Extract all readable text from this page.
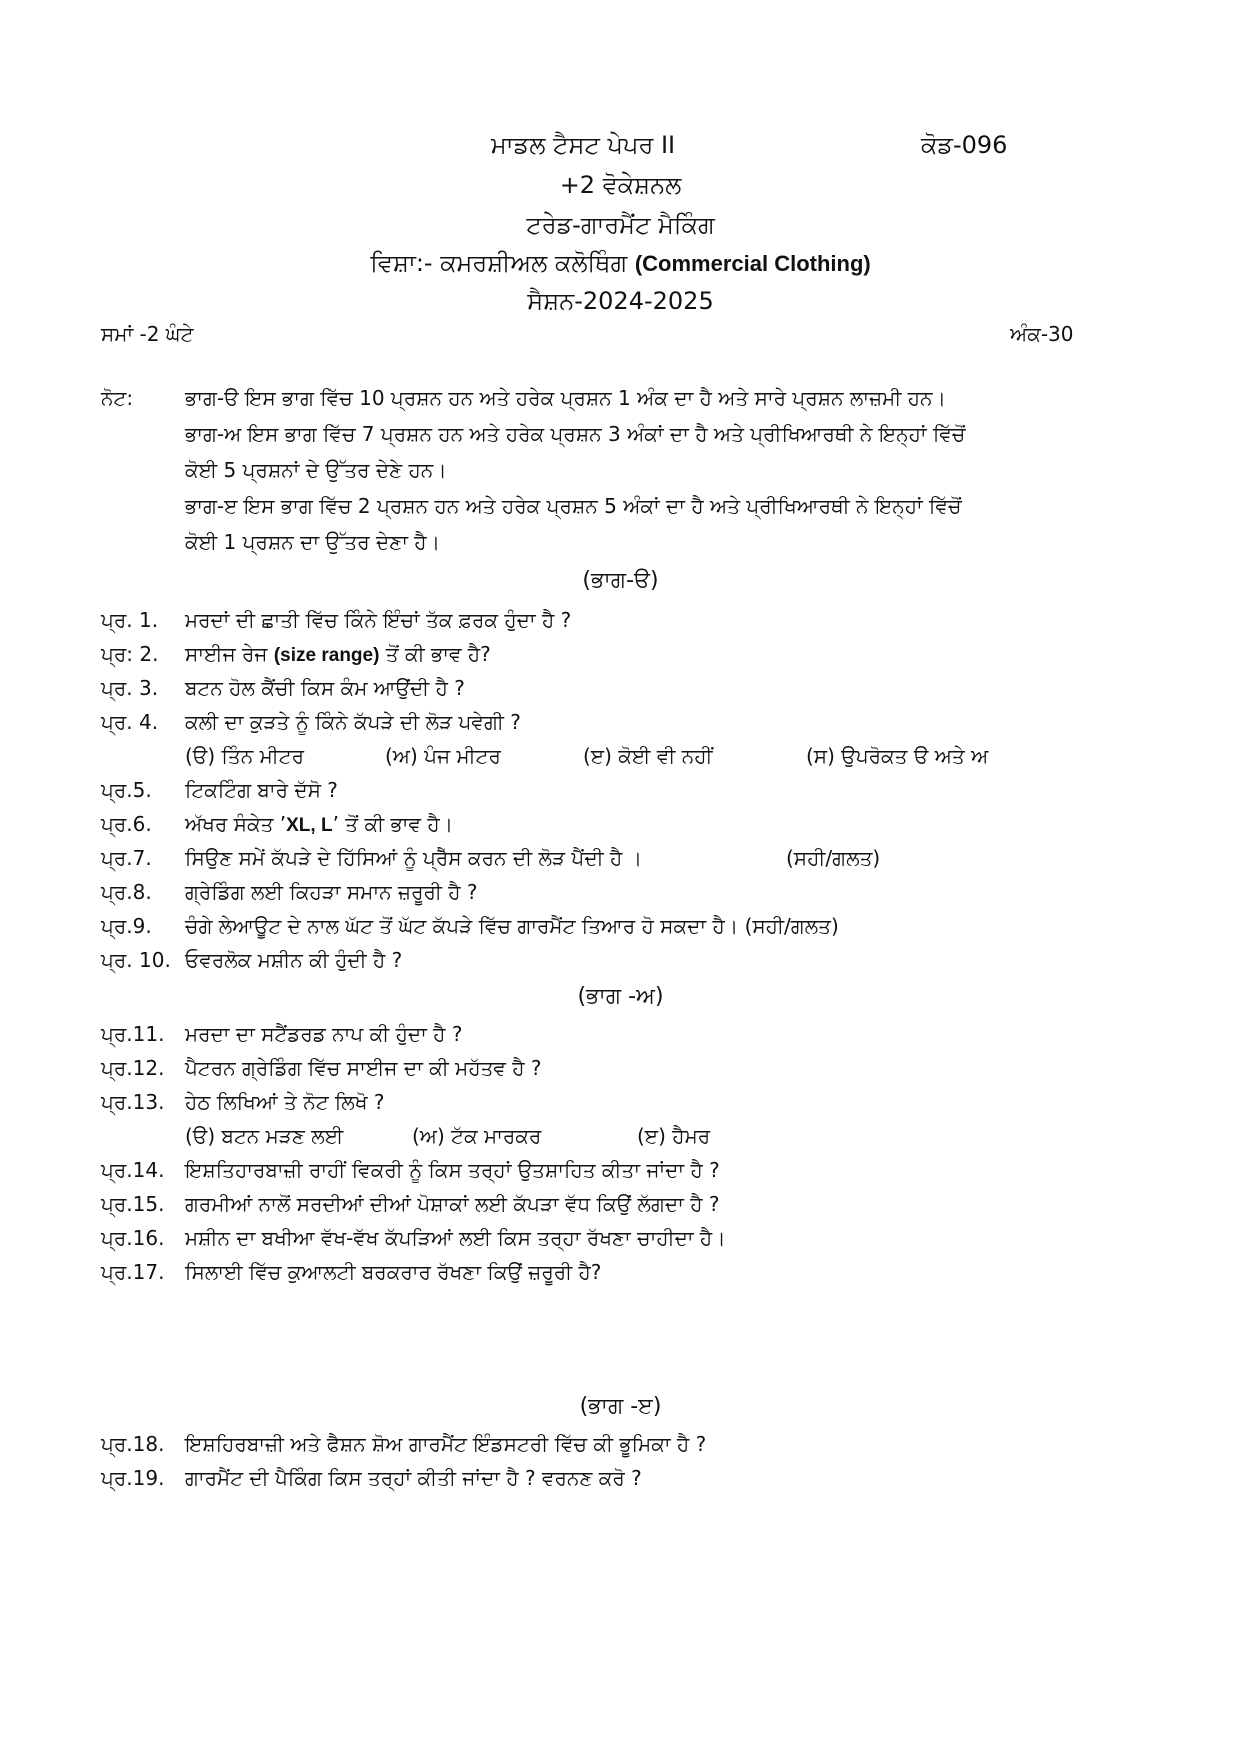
ਮਾਡਲ ਟੈਸਟ ਪੇਪਰ II	ਕੋਡ-096
+2 ਵੋਕੇਸ਼ਨਲ
ਟਰੇਡ-ਗਾਰਮੈਂਟ ਮੈਕਿੰਗ
ਵਿਸ਼ਾ:- ਕਮਰਸ਼ੀਅਲ ਕਲੋਥਿੰਗ (Commercial Clothing)
ਸੈਸ਼ਨ-2024-2025
ਸਮਾਂ -2 ਘੰਟੇ	ਅੰਕ-30
ਨੋਟ:	ਭਾਗ-ੳ ਇਸ ਭਾਗ ਵਿੱਚ 10 ਪ੍ਰਸ਼ਨ ਹਨ ਅਤੇ ਹਰੇਕ ਪ੍ਰਸ਼ਨ 1 ਅੰਕ ਦਾ ਹੈ ਅਤੇ ਸਾਰੇ ਪ੍ਰਸ਼ਨ ਲਾਜ਼ਮੀ ਹਨ।
ਭਾਗ-ਅ ਇਸ ਭਾਗ ਵਿੱਚ 7 ਪ੍ਰਸ਼ਨ ਹਨ ਅਤੇ ਹਰੇਕ ਪ੍ਰਸ਼ਨ 3 ਅੰਕਾਂ ਦਾ ਹੈ ਅਤੇ ਪ੍ਰੀਖਿਆਰਥੀ ਨੇ ਇਨ੍ਹਾਂ ਵਿੱਚੋਂ
ਕੋਈ 5 ਪ੍ਰਸ਼ਨਾਂ ਦੇ ਉੱਤਰ ਦੇਣੇ ਹਨ।
ਭਾਗ-ੲ ਇਸ ਭਾਗ ਵਿੱਚ 2 ਪ੍ਰਸ਼ਨ ਹਨ ਅਤੇ ਹਰੇਕ ਪ੍ਰਸ਼ਨ 5 ਅੰਕਾਂ ਦਾ ਹੈ ਅਤੇ ਪ੍ਰੀਖਿਆਰਥੀ ਨੇ ਇਨ੍ਹਾਂ ਵਿੱਚੋਂ
ਕੋਈ 1 ਪ੍ਰਸ਼ਨ ਦਾ ਉੱਤਰ ਦੇਣਾ ਹੈ।
(ਭਾਗ-ੳ)
ਪ੍ਰ. 1. ਮਰਦਾਂ ਦੀ ਛਾਤੀ ਵਿੱਚ ਕਿੰਨੇ ਇੰਚਾਂ ਤੱਕ ਫ਼ਰਕ ਹੁੰਦਾ ਹੈ ?
ਪ੍ਰ: 2. ਸਾਈਜ ਰੇਜ (size range) ਤੋਂ ਕੀ ਭਾਵ ਹੈ?
ਪ੍ਰ. 3. ਬਟਨ ਹੋਲ ਕੈਂਚੀ ਕਿਸ ਕੰਮ ਆਉਂਦੀ ਹੈ ?
ਪ੍ਰ. 4. ਕਲੀ ਦਾ ਕੁੜਤੇ ਨੂੰ ਕਿੰਨੇ ਕੱਪੜੇ ਦੀ ਲੋੜ ਪਵੇਗੀ ?
(ੳ) ਤਿੰਨ ਮੀਟਰ	(ਅ) ਪੰਜ ਮੀਟਰ	(ੲ) ਕੋਈ ਵੀ ਨਹੀਂ	(ਸ) ਉਪਰੋਕਤ ੳ ਅਤੇ ਅ
ਪ੍ਰ.5. ਟਿਕਟਿੰਗ ਬਾਰੇ ਦੱਸੋ ?
ਪ੍ਰ.6. ਅੱਖਰ ਸੰਕੇਤ ’XL, L’ ਤੋਂ ਕੀ ਭਾਵ ਹੈ।
ਪ੍ਰ.7. ਸਿਉਣ ਸਮੇਂ ਕੱਪੜੇ ਦੇ ਹਿੱਸਿਆਂ ਨੂੰ ਪ੍ਰੈੱਸ ਕਰਨ ਦੀ ਲੋੜ ਪੈਂਦੀ ਹੈ ।	(ਸਹੀ/ਗਲਤ)
ਪ੍ਰ.8. ਗ੍ਰੇਡਿੰਗ ਲਈ ਕਿਹੜਾ ਸਮਾਨ ਜ਼ਰੂਰੀ ਹੈ ?
ਪ੍ਰ.9. ਚੰਗੇ ਲੇਆਊਟ ਦੇ ਨਾਲ ਘੱਟ ਤੋਂ ਘੱਟ ਕੱਪੜੇ ਵਿੱਚ ਗਾਰਮੈਂਟ ਤਿਆਰ ਹੋ ਸਕਦਾ ਹੈ। (ਸਹੀ/ਗਲਤ)
ਪ੍ਰ. 10. ਓਵਰਲੋਕ ਮਸ਼ੀਨ ਕੀ ਹੁੰਦੀ ਹੈ ?
(ਭਾਗ -ਅ)
ਪ੍ਰ.11. ਮਰਦਾ ਦਾ ਸਟੈਂਡਰਡ ਨਾਪ ਕੀ ਹੁੰਦਾ ਹੈ ?
ਪ੍ਰ.12. ਪੈਟਰਨ ਗ੍ਰੇਡਿੰਗ ਵਿੱਚ ਸਾਈਜ ਦਾ ਕੀ ਮਹੱਤਵ ਹੈ ?
ਪ੍ਰ.13. ਹੇਠ ਲਿਖਿਆਂ ਤੇ ਨੋਟ ਲਿਖੋ ?
(ੳ) ਬਟਨ ਮੜਣ ਲਈ	(ਅ) ਟੱਕ ਮਾਰਕਰ	(ੲ) ਹੈਮਰ
ਪ੍ਰ.14. ਇਸ਼ਤਿਹਾਰਬਾਜ਼ੀ ਰਾਹੀਂ ਵਿਕਰੀ ਨੂੰ ਕਿਸ ਤਰ੍ਹਾਂ ਉਤਸ਼ਾਹਿਤ ਕੀਤਾ ਜਾਂਦਾ ਹੈ ?
ਪ੍ਰ.15. ਗਰਮੀਆਂ ਨਾਲੋਂ ਸਰਦੀਆਂ ਦੀਆਂ ਪੋਸ਼ਾਕਾਂ ਲਈ ਕੱਪੜਾ ਵੱਧ ਕਿਉਂ ਲੱਗਦਾ ਹੈ ?
ਪ੍ਰ.16. ਮਸ਼ੀਨ ਦਾ ਬਖੀਆ ਵੱਖ-ਵੱਖ ਕੱਪੜਿਆਂ ਲਈ ਕਿਸ ਤਰ੍ਹਾ ਰੱਖਣਾ ਚਾਹੀਦਾ ਹੈ।
ਪ੍ਰ.17. ਸਿਲਾਈ ਵਿੱਚ ਕੁਆਲਟੀ ਬਰਕਰਾਰ ਰੱਖਣਾ ਕਿਉਂ ਜ਼ਰੂਰੀ ਹੈ?
(ਭਾਗ -ੲ)
ਪ੍ਰ.18. ਇਸ਼ਹਿਰਬਾਜ਼ੀ ਅਤੇ ਫੈਸ਼ਨ ਸ਼ੋਅ ਗਾਰਮੈਂਟ ਇੰਡਸਟਰੀ ਵਿੱਚ ਕੀ ਭੂਮਿਕਾ ਹੈ ?
ਪ੍ਰ.19. ਗਾਰਮੈਂਟ ਦੀ ਪੈਕਿੰਗ ਕਿਸ ਤਰ੍ਹਾਂ ਕੀਤੀ ਜਾਂਦਾ ਹੈ ? ਵਰਨਣ ਕਰੋ ?
